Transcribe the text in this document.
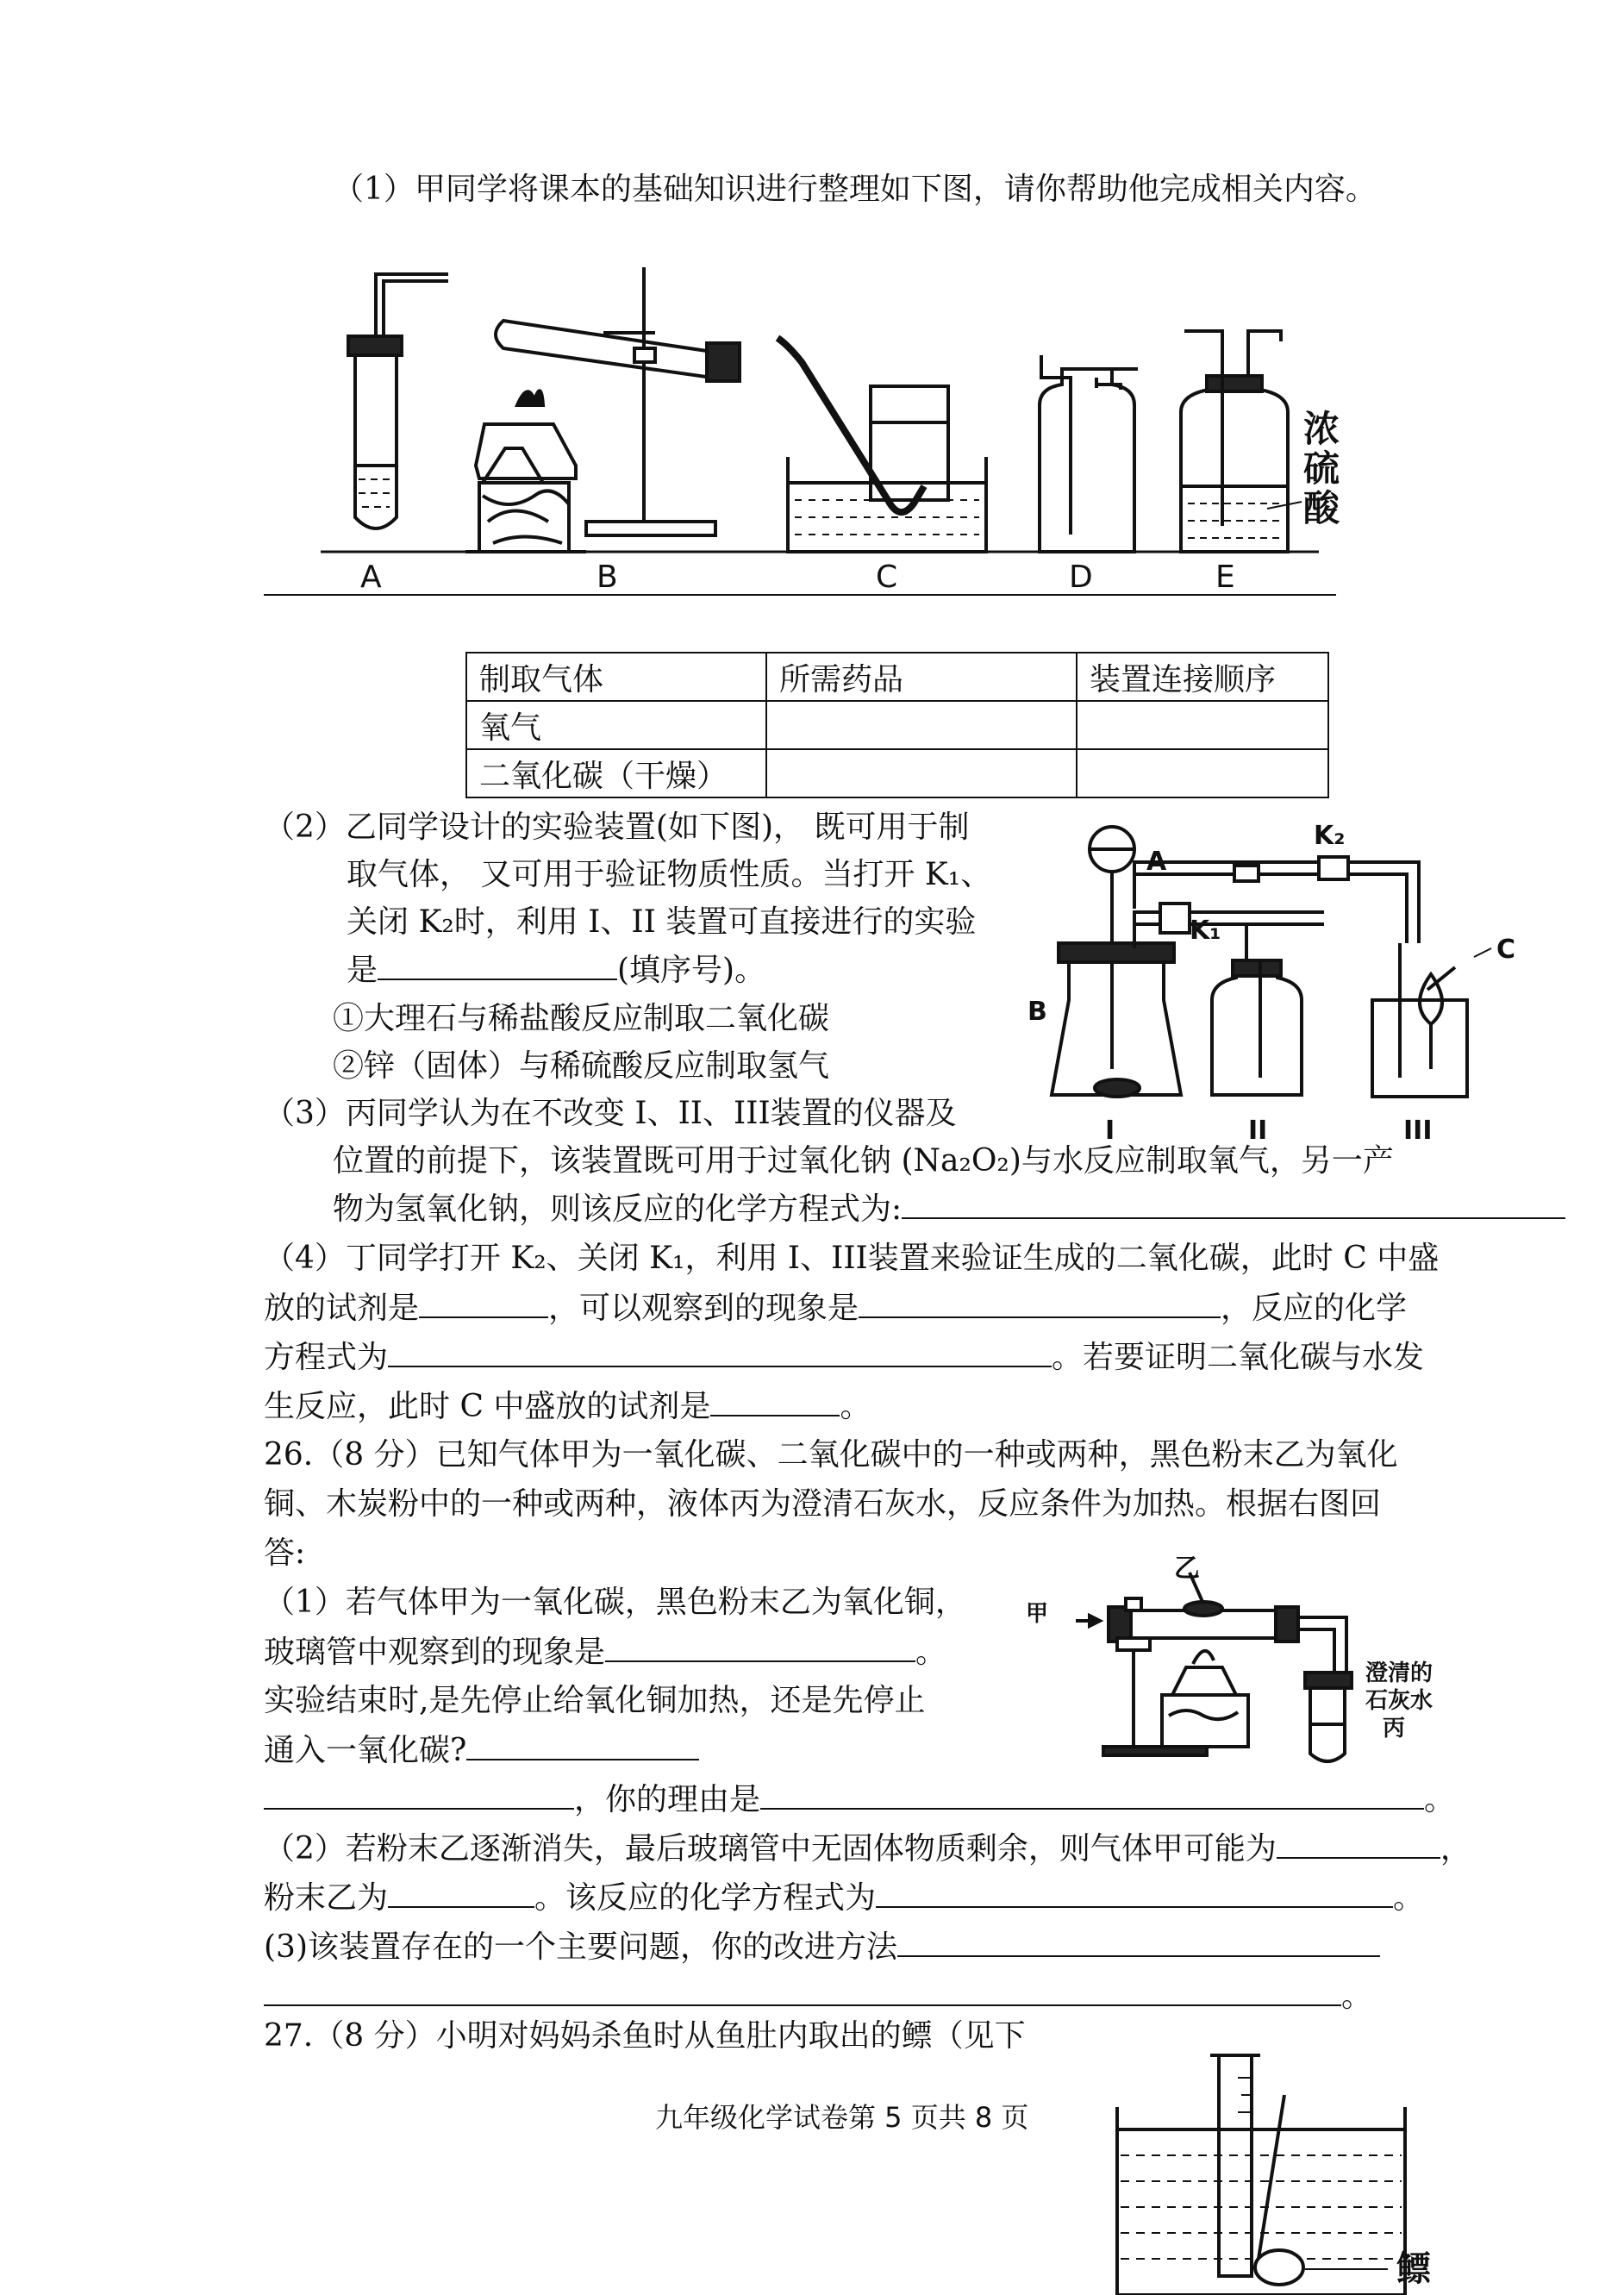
（1）甲同学将课本的基础知识进行整理如下图，请你帮助他完成相关内容。
A	B	C	D	E
浓
硫
酸
制取气体	所需药品	装置连接顺序
氧气		
二氧化碳（干燥）		
A
K₂
K₁
C
B
I	II	III
（2）乙同学设计的实验装置(如下图)， 既可用于制
取气体， 又可用于验证物质性质。当打开 K₁、
关闭 K₂时，利用 I、II 装置可直接进行的实验
是	(填序号)。
①大理石与稀盐酸反应制取二氧化碳
②锌（固体）与稀硫酸反应制取氢气
（3）丙同学认为在不改变 I、II、III装置的仪器及
位置的前提下，该装置既可用于过氧化钠 (Na₂O₂)与水反应制取氧气，另一产
物为氢氧化钠，则该反应的化学方程式为:
（4）丁同学打开 K₂、关闭 K₁，利用 I、III装置来验证生成的二氧化碳，此时 C 中盛
放的试剂是	，可以观察到的现象是	，反应的化学
方程式为	。若要证明二氧化碳与水发
生反应，此时 C 中盛放的试剂是	。
26.（8 分）已知气体甲为一氧化碳、二氧化碳中的一种或两种，黑色粉末乙为氧化
铜、木炭粉中的一种或两种，液体丙为澄清石灰水，反应条件为加热。根据右图回
答:
（1）若气体甲为一氧化碳，黑色粉末乙为氧化铜，
玻璃管中观察到的现象是	。
实验结束时,是先停止给氧化铜加热，还是先停止
通入一氧化碳?
，你的理由是	。
（2）若粉末乙逐渐消失，最后玻璃管中无固体物质剩余，则气体甲可能为	，
粉末乙为	。该反应的化学方程式为	。
(3)该装置存在的一个主要问题，你的改进方法
。
甲
乙
澄清的
石灰水
丙
27.（8 分）小明对妈妈杀鱼时从鱼肚内取出的鳔（见下
九年级化学试卷第 5 页共 8 页
鳔
